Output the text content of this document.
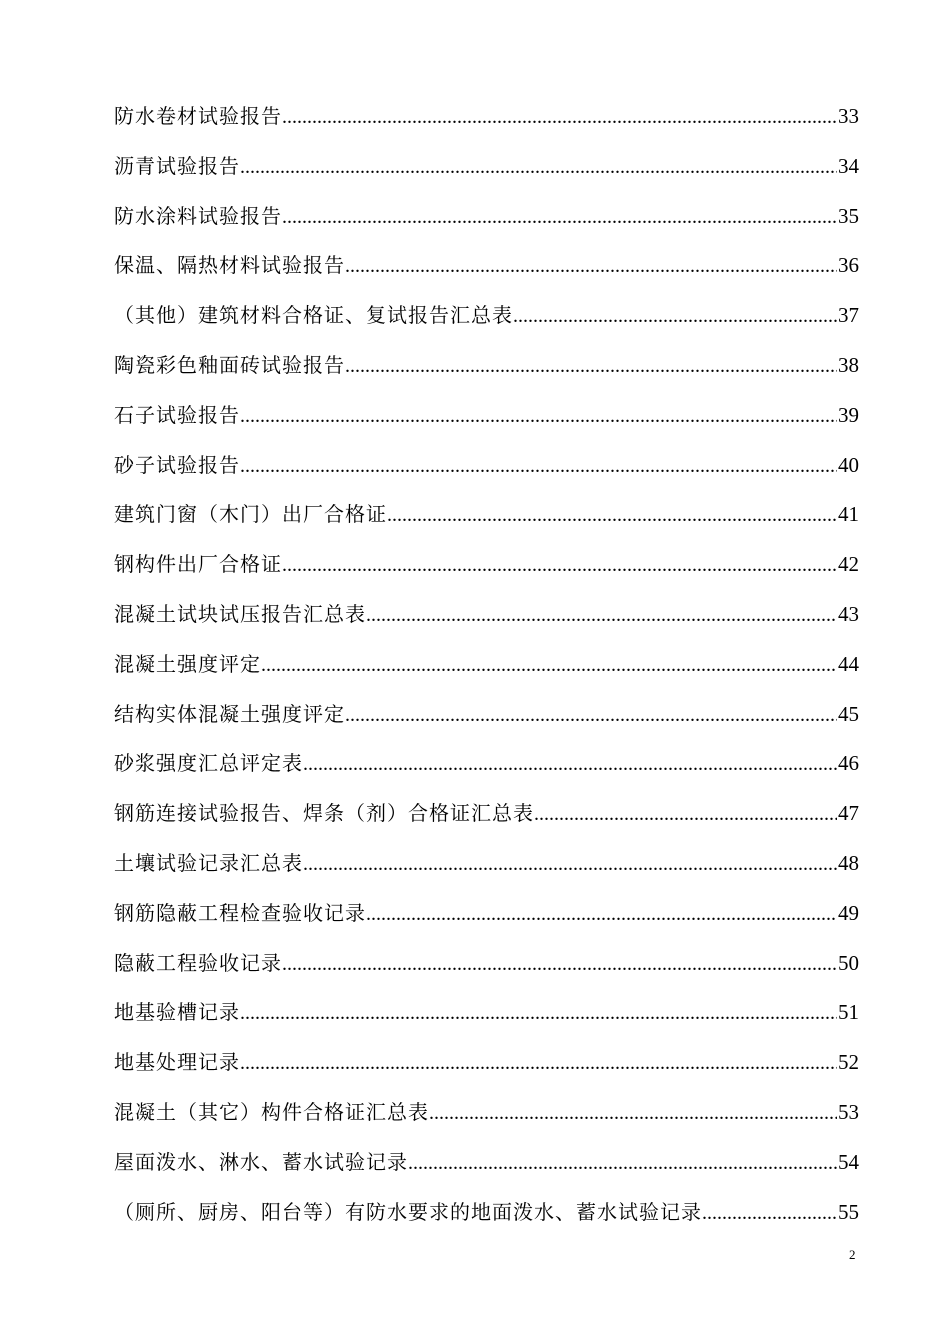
防水卷材试验报告 .....	33
沥青试验报告 .....	34
防水涂料试验报告 .....	35
保温、隔热材料试验报告 .....	36
（其他）建筑材料合格证、复试报告汇总表 .....	37
陶瓷彩色釉面砖试验报告 .....	38
石子试验报告 .....	39
砂子试验报告 .....	40
建筑门窗（木门）出厂合格证 .....	41
钢构件出厂合格证 .....	42
混凝土试块试压报告汇总表 .....	43
混凝土强度评定 .....	44
结构实体混凝土强度评定 .....	45
砂浆强度汇总评定表 .....	46
钢筋连接试验报告、焊条（剂）合格证汇总表 .....	47
土壤试验记录汇总表 .....	48
钢筋隐蔽工程检查验收记录 .....	49
隐蔽工程验收记录 .....	50
地基验槽记录 .....	51
地基处理记录 .....	52
混凝土（其它）构件合格证汇总表 .....	53
屋面泼水、淋水、蓄水试验记录 .....	54
（厕所、厨房、阳台等）有防水要求的地面泼水、蓄水试验记录 .....	55
2
